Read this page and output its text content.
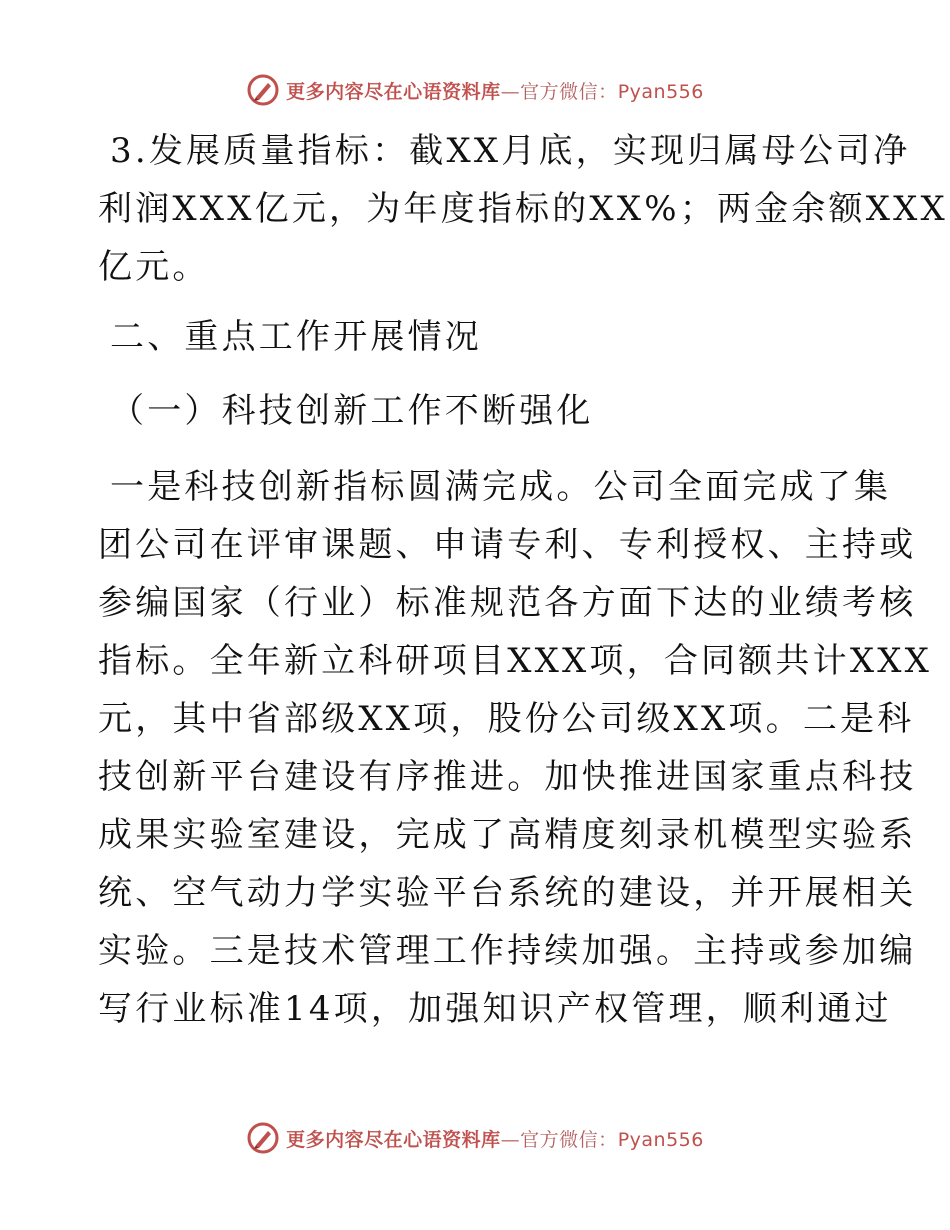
更多内容尽在心语资料库—官方微信：Pyan556
3.发展质量指标：截XX月底，实现归属母公司净
利润XXX亿元，为年度指标的XX%；两金余额XXX
亿元。
二、重点工作开展情况
（一）科技创新工作不断强化
一是科技创新指标圆满完成。公司全面完成了集
团公司在评审课题、申请专利、专利授权、主持或
参编国家（行业）标准规范各方面下达的业绩考核
指标。全年新立科研项目XXX项，合同额共计XXX
元，其中省部级XX项，股份公司级XX项。二是科
技创新平台建设有序推进。加快推进国家重点科技
成果实验室建设，完成了高精度刻录机模型实验系
统、空气动力学实验平台系统的建设，并开展相关
实验。三是技术管理工作持续加强。主持或参加编
写行业标准14项，加强知识产权管理，顺利通过
更多内容尽在心语资料库—官方微信：Pyan556
